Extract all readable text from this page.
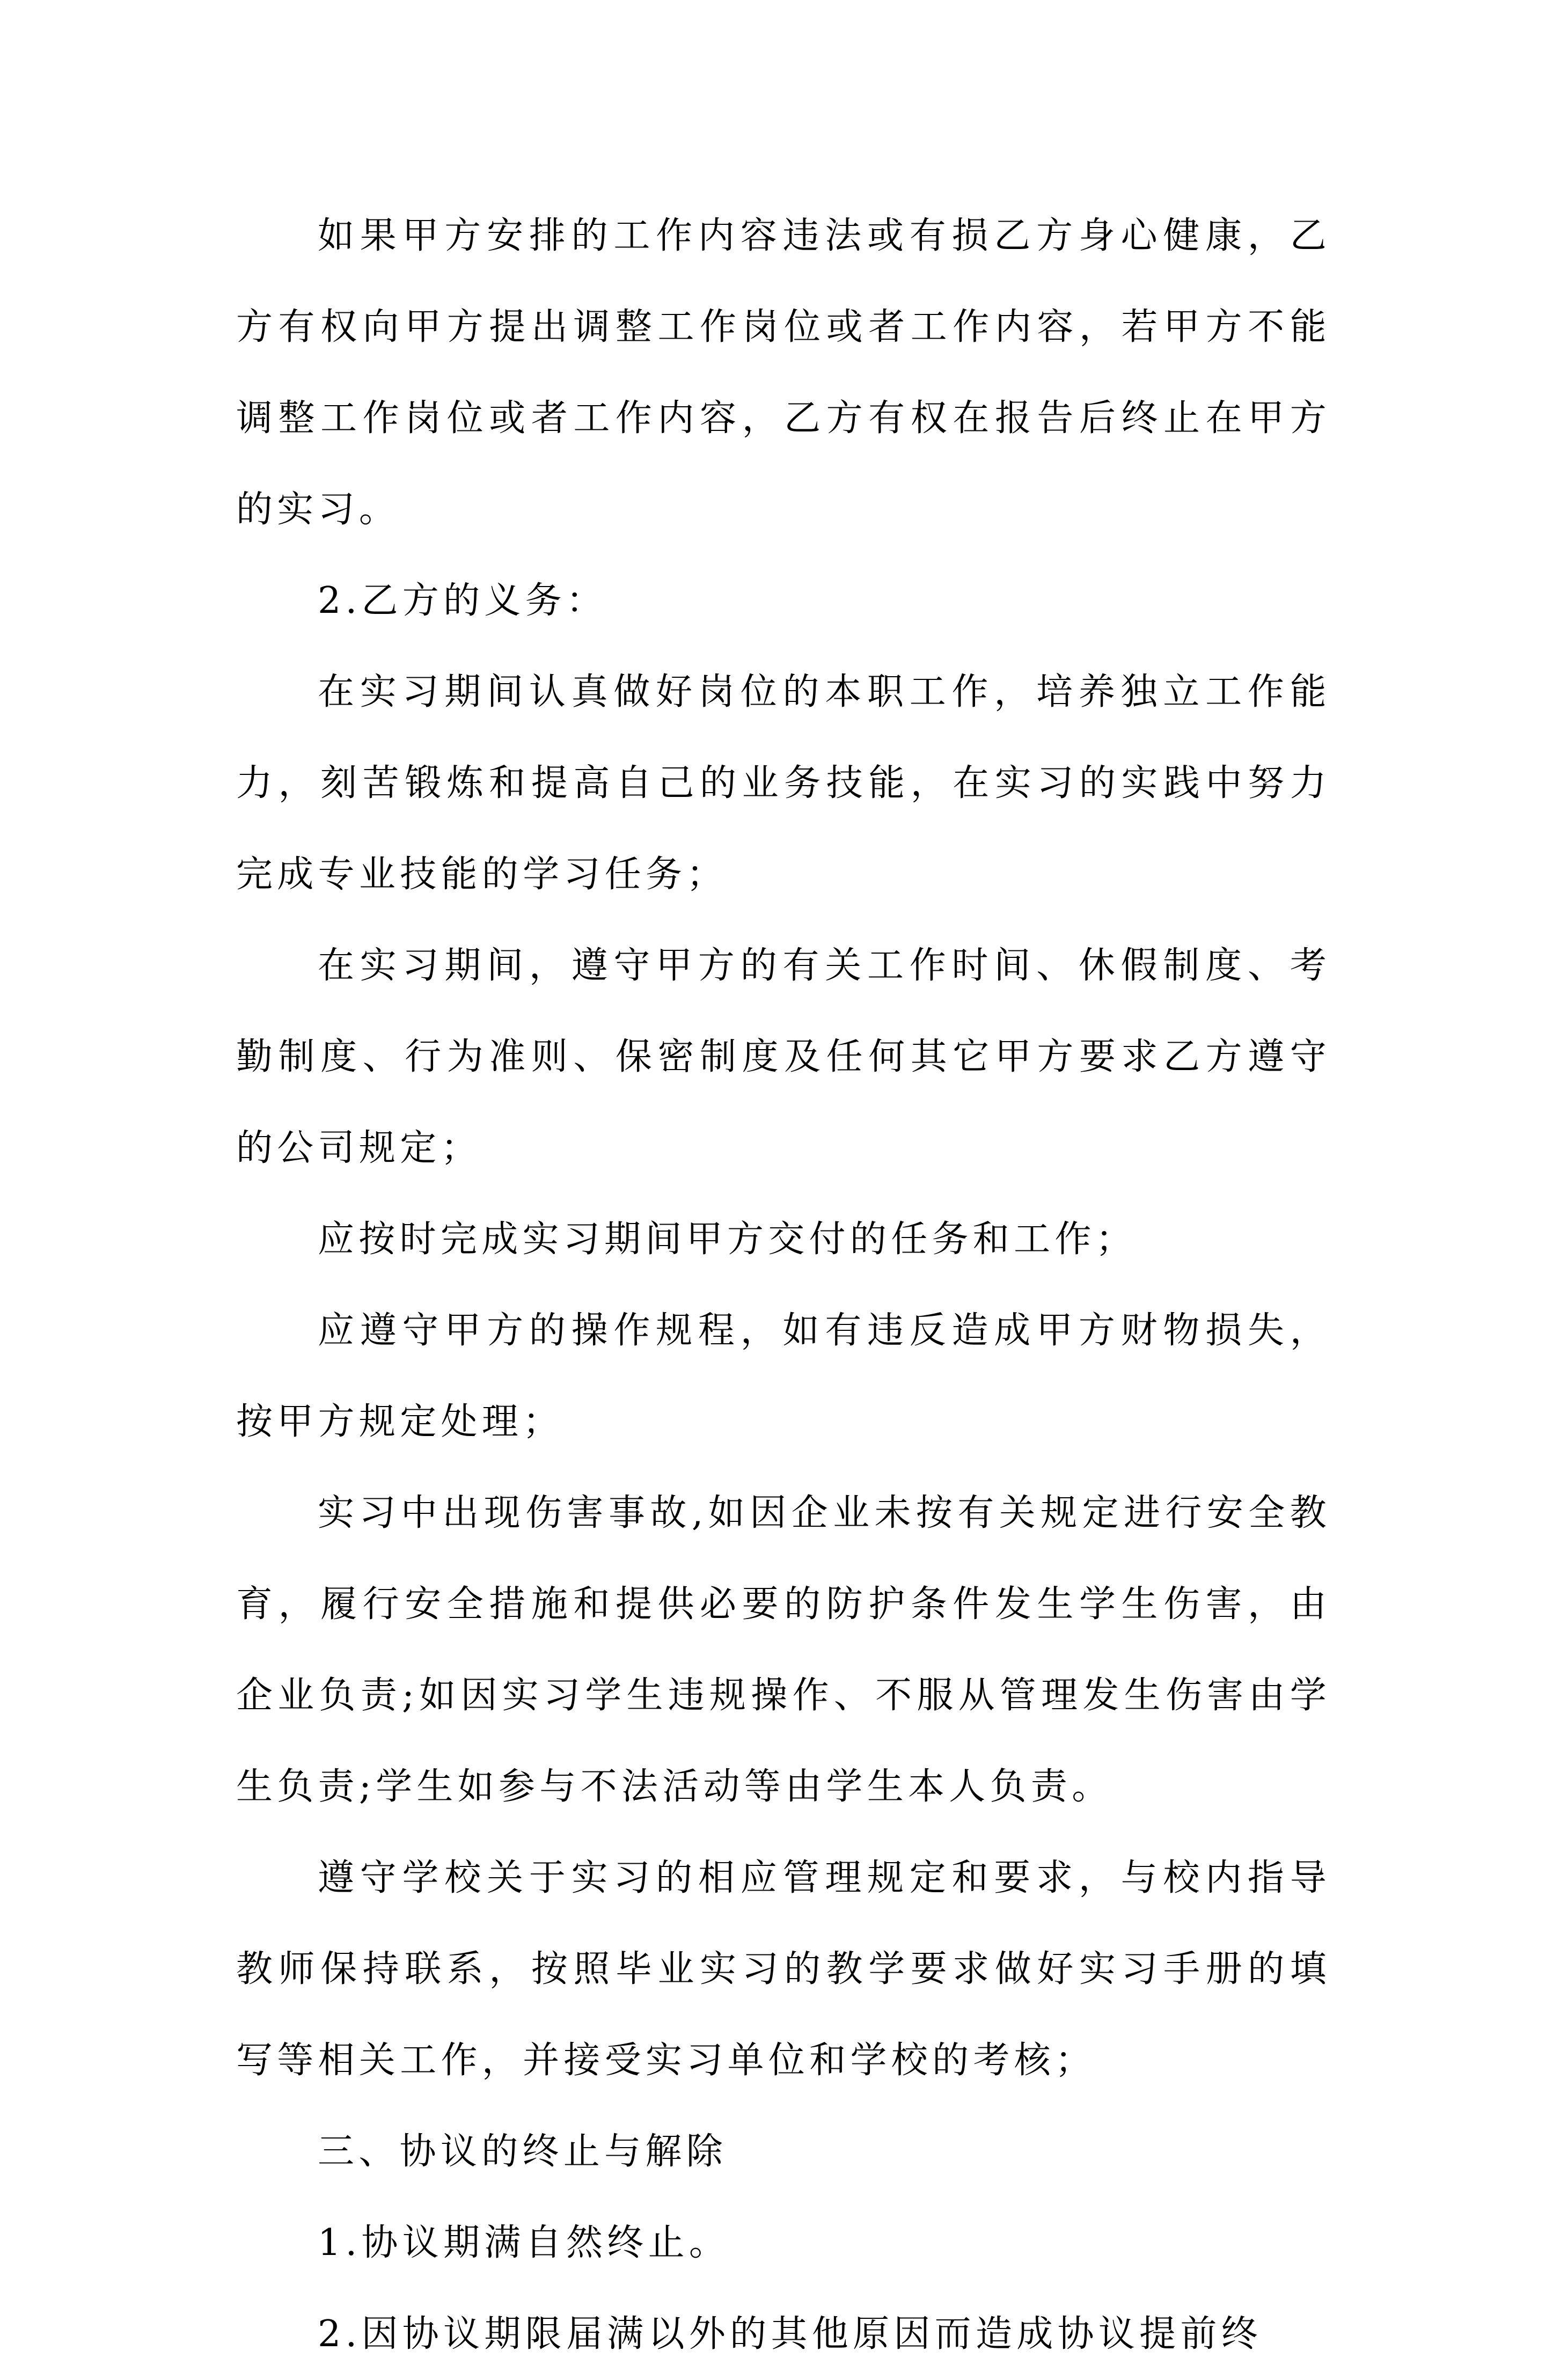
如果甲方安排的工作内容违法或有损乙方身心健康，乙方有权向甲方提出调整工作岗位或者工作内容，若甲方不能调整工作岗位或者工作内容，乙方有权在报告后终止在甲方的实习。

2.乙方的义务：

在实习期间认真做好岗位的本职工作，培养独立工作能力，刻苦锻炼和提高自己的业务技能，在实习的实践中努力完成专业技能的学习任务；

在实习期间，遵守甲方的有关工作时间、休假制度、考勤制度、行为准则、保密制度及任何其它甲方要求乙方遵守的公司规定；

应按时完成实习期间甲方交付的任务和工作；

应遵守甲方的操作规程，如有违反造成甲方财物损失，按甲方规定处理；

实习中出现伤害事故,如因企业未按有关规定进行安全教育，履行安全措施和提供必要的防护条件发生学生伤害，由企业负责;如因实习学生违规操作、不服从管理发生伤害由学生负责;学生如参与不法活动等由学生本人负责。

遵守学校关于实习的相应管理规定和要求，与校内指导教师保持联系，按照毕业实习的教学要求做好实习手册的填写等相关工作，并接受实习单位和学校的考核；

三、协议的终止与解除

1.协议期满自然终止。

2.因协议期限届满以外的其他原因而造成协议提前终
